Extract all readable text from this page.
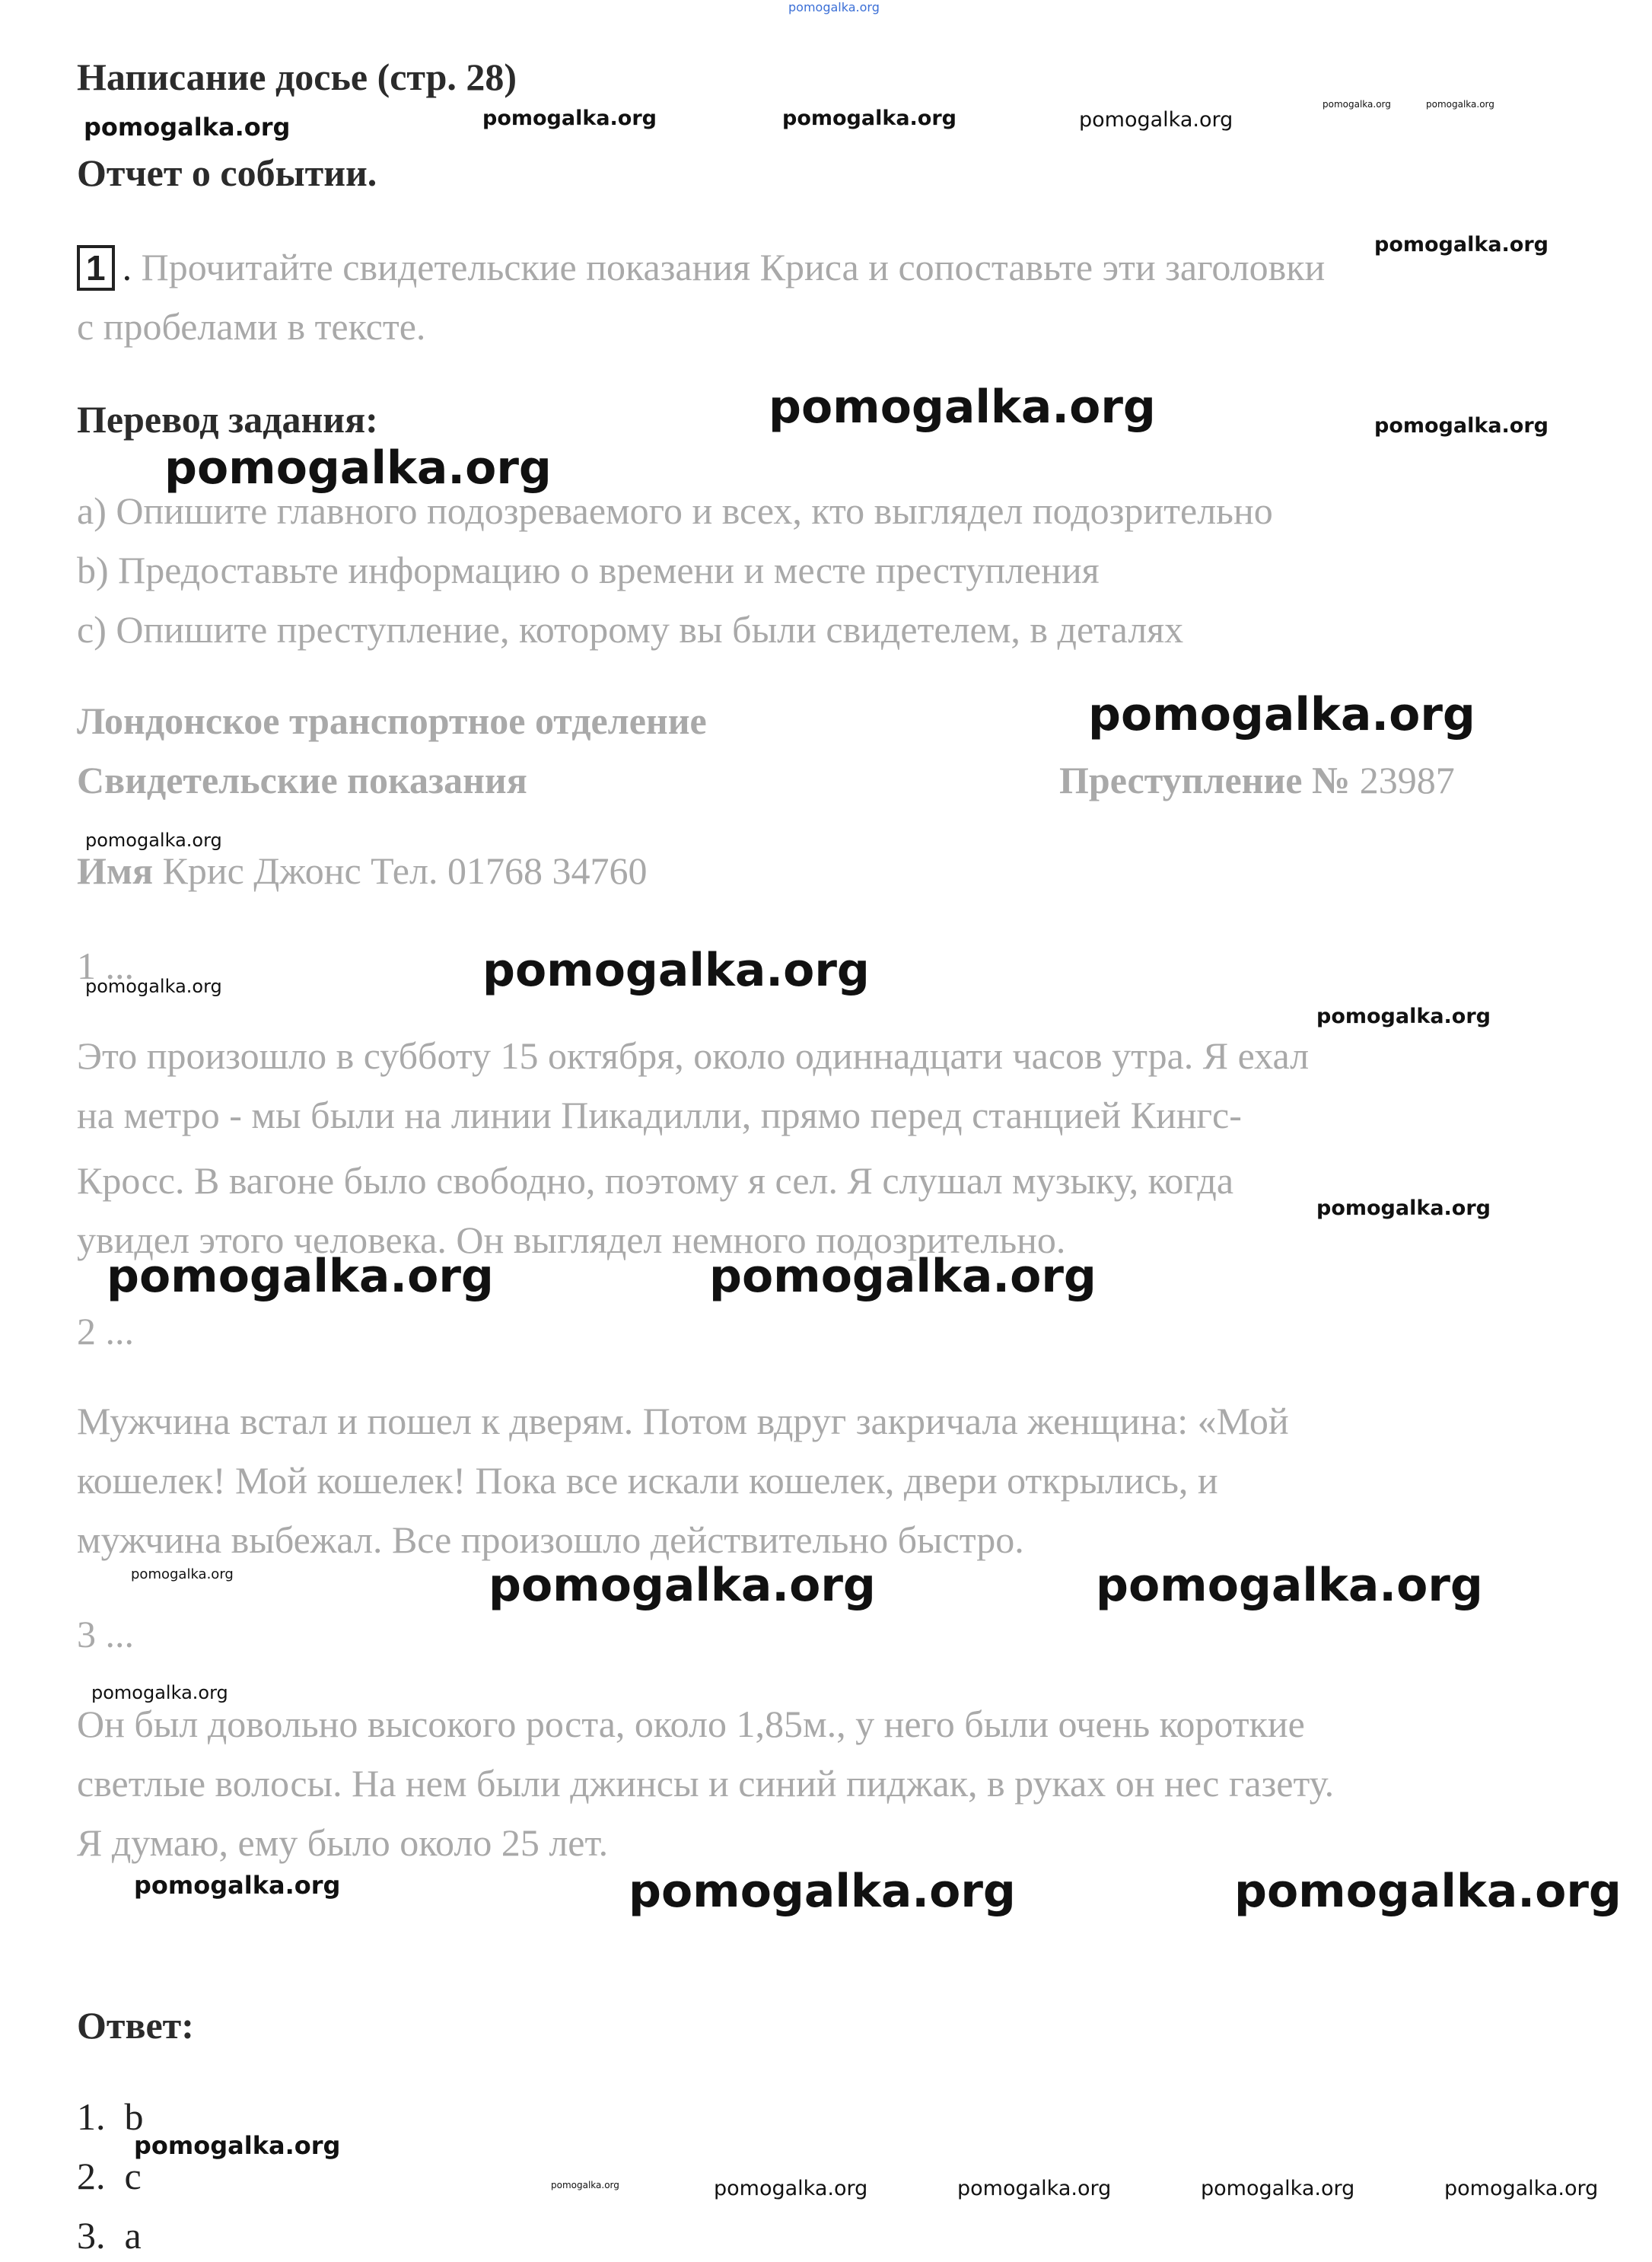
pomogalka.org
Написание досье (стр. 28)
Отчет о событии.
1 . Прочитайте свидетельские показания Криса и сопоставьте эти заголовки
с пробелами в тексте.
Перевод задания:
a) Опишите главного подозреваемого и всех, кто выглядел подозрительно
b) Предоставьте информацию о времени и месте преступления
c) Опишите преступление, которому вы были свидетелем, в деталях
Лондонское транспортное отделение
Свидетельские показания	Преступление № 23987
Имя Крис Джонс Тел. 01768 34760
1 ...
Это произошло в субботу 15 октября, около одиннадцати часов утра. Я ехал
на метро - мы были на линии Пикадилли, прямо перед станцией Кингс-
Кросс. В вагоне было свободно, поэтому я сел. Я слушал музыку, когда
увидел этого человека. Он выглядел немного подозрительно.
2 ...
Мужчина встал и пошел к дверям. Потом вдруг закричала женщина: «Мой
кошелек! Мой кошелек! Пока все искали кошелек, двери открылись, и
мужчина выбежал. Все произошло действительно быстро.
3 ...
Он был довольно высокого роста, около 1,85м., у него были очень короткие
светлые волосы. На нем были джинсы и синий пиджак, в руках он нес газету.
Я думаю, ему было около 25 лет.
Ответ:
1. b
2. c
3. a
pomogalka.org	pomogalka.org	pomogalka.org	pomogalka.org
pomogalka.org	pomogalka.org
pomogalka.org
pomogalka.org	pomogalka.org
pomogalka.org
pomogalka.org
pomogalka.org
pomogalka.org
pomogalka.org
pomogalka.org
pomogalka.org
pomogalka.org	pomogalka.org
pomogalka.org	pomogalka.org	pomogalka.org
pomogalka.org
pomogalka.org	pomogalka.org	pomogalka.org
pomogalka.org
pomogalka.org	pomogalka.org	pomogalka.org	pomogalka.org	pomogalka.org
